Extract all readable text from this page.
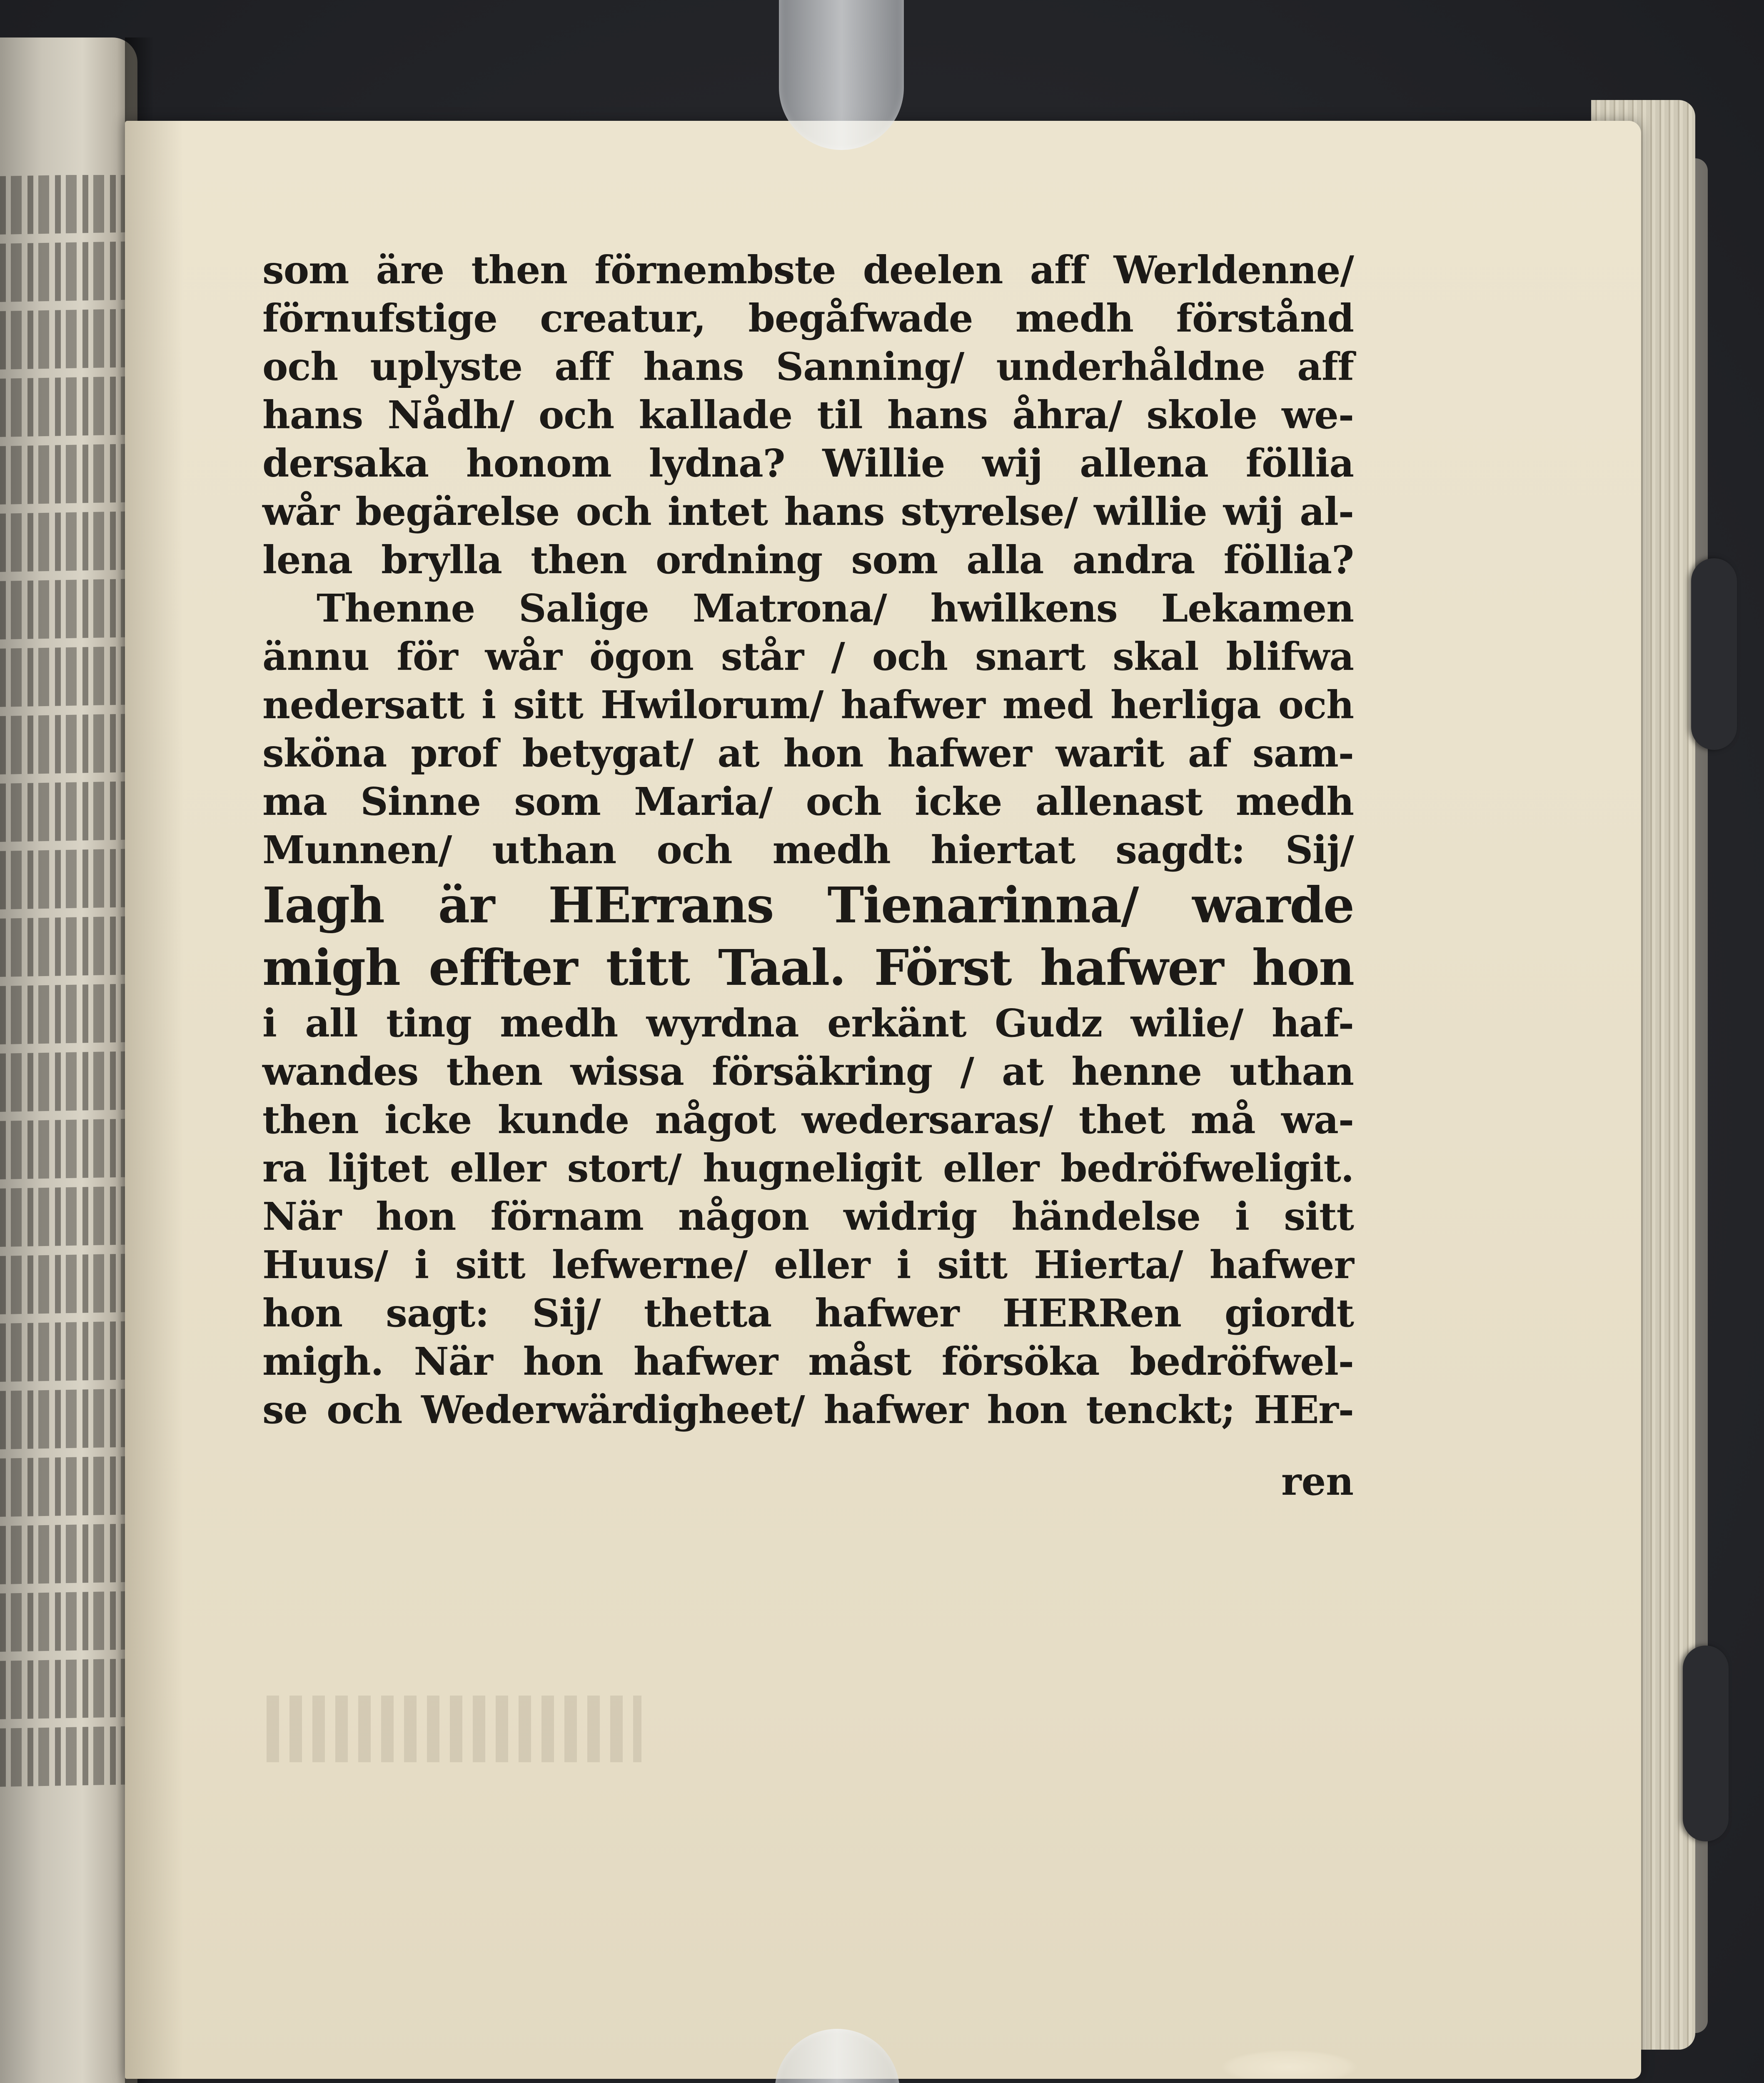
som äre then förnembste deelen aff Werldenne/
förnufstige creatur, begåfwade medh förstånd
och uplyste aff hans Sanning/ underhåldne aff
hans Nådh/ och kallade til hans åhra/ skole we-
dersaka honom lydna? Willie wij allena föllia
wår begärelse och intet hans styrelse/ willie wij al-
lena brylla then ordning som alla andra föllia?
Thenne Salige Matrona/ hwilkens Lekamen
ännu för wår ögon står / och snart skal blifwa
nedersatt i sitt Hwilorum/ hafwer med herliga och
sköna prof betygat/ at hon hafwer warit af sam-
ma Sinne som Maria/ och icke allenast medh
Munnen/ uthan och medh hiertat sagdt: Sij/
Iagh är HErrans Tienarinna/ warde
migh effter titt Taal. Först hafwer hon
i all ting medh wyrdna erkänt Gudz wilie/ haf-
wandes then wissa försäkring / at henne uthan
then icke kunde något wedersaras/ thet må wa-
ra lijtet eller stort/ hugneligit eller bedröfweligit.
När hon förnam någon widrig händelse i sitt
Huus/ i sitt lefwerne/ eller i sitt Hierta/ hafwer
hon sagt: Sij/ thetta hafwer HERRen giordt
migh. När hon hafwer måst försöka bedröfwel-
se och Wederwärdigheet/ hafwer hon tenckt; HEr-
ren
